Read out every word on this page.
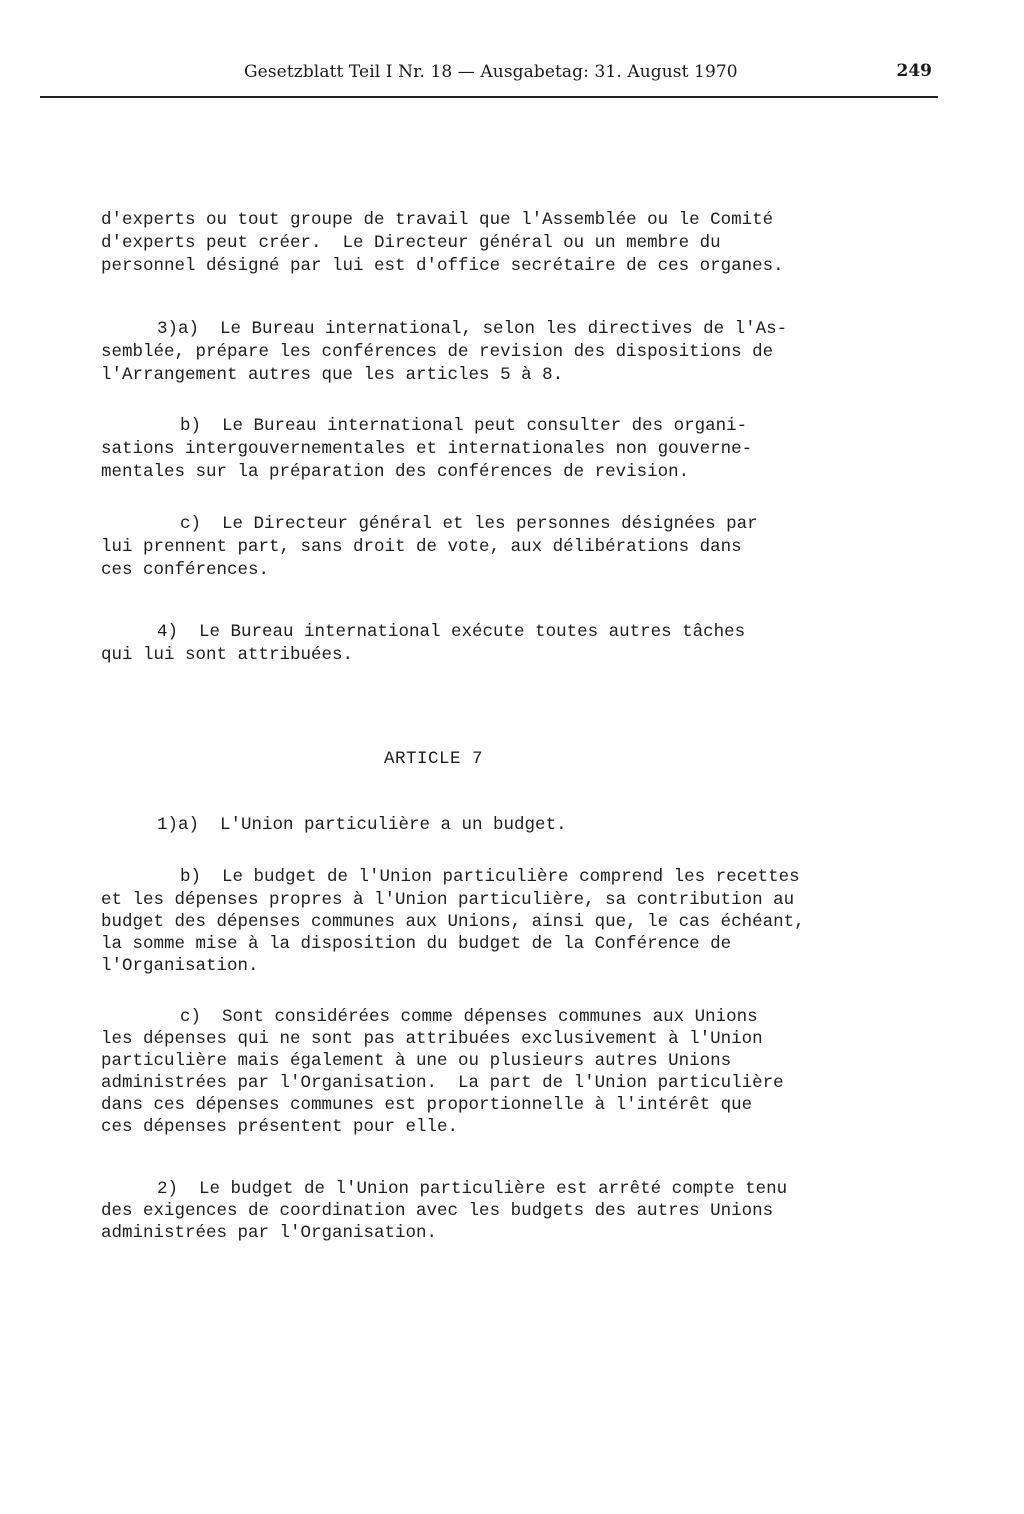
Gesetzblatt Teil I Nr. 18 — Ausgabetag: 31. August 1970	249
d'experts ou tout groupe de travail que l'Assemblée ou le Comité
d'experts peut créer.  Le Directeur général ou un membre du
personnel désigné par lui est d'office secrétaire de ces organes.
3)a)  Le Bureau international, selon les directives de l'As-
semblée, prépare les conférences de revision des dispositions de
l'Arrangement autres que les articles 5 à 8.
b)  Le Bureau international peut consulter des organi-
sations intergouvernementales et internationales non gouverne-
mentales sur la préparation des conférences de revision.
c)  Le Directeur général et les personnes désignées par
lui prennent part, sans droit de vote, aux délibérations dans
ces conférences.
4)  Le Bureau international exécute toutes autres tâches
qui lui sont attribuées.
ARTICLE 7
1)a)  L'Union particulière a un budget.
b)  Le budget de l'Union particulière comprend les recettes
et les dépenses propres à l'Union particulière, sa contribution au
budget des dépenses communes aux Unions, ainsi que, le cas échéant,
la somme mise à la disposition du budget de la Conférence de
l'Organisation.
c)  Sont considérées comme dépenses communes aux Unions
les dépenses qui ne sont pas attribuées exclusivement à l'Union
particulière mais également à une ou plusieurs autres Unions
administrées par l'Organisation.  La part de l'Union particulière
dans ces dépenses communes est proportionnelle à l'intérêt que
ces dépenses présentent pour elle.
2)  Le budget de l'Union particulière est arrêté compte tenu
des exigences de coordination avec les budgets des autres Unions
administrées par l'Organisation.
